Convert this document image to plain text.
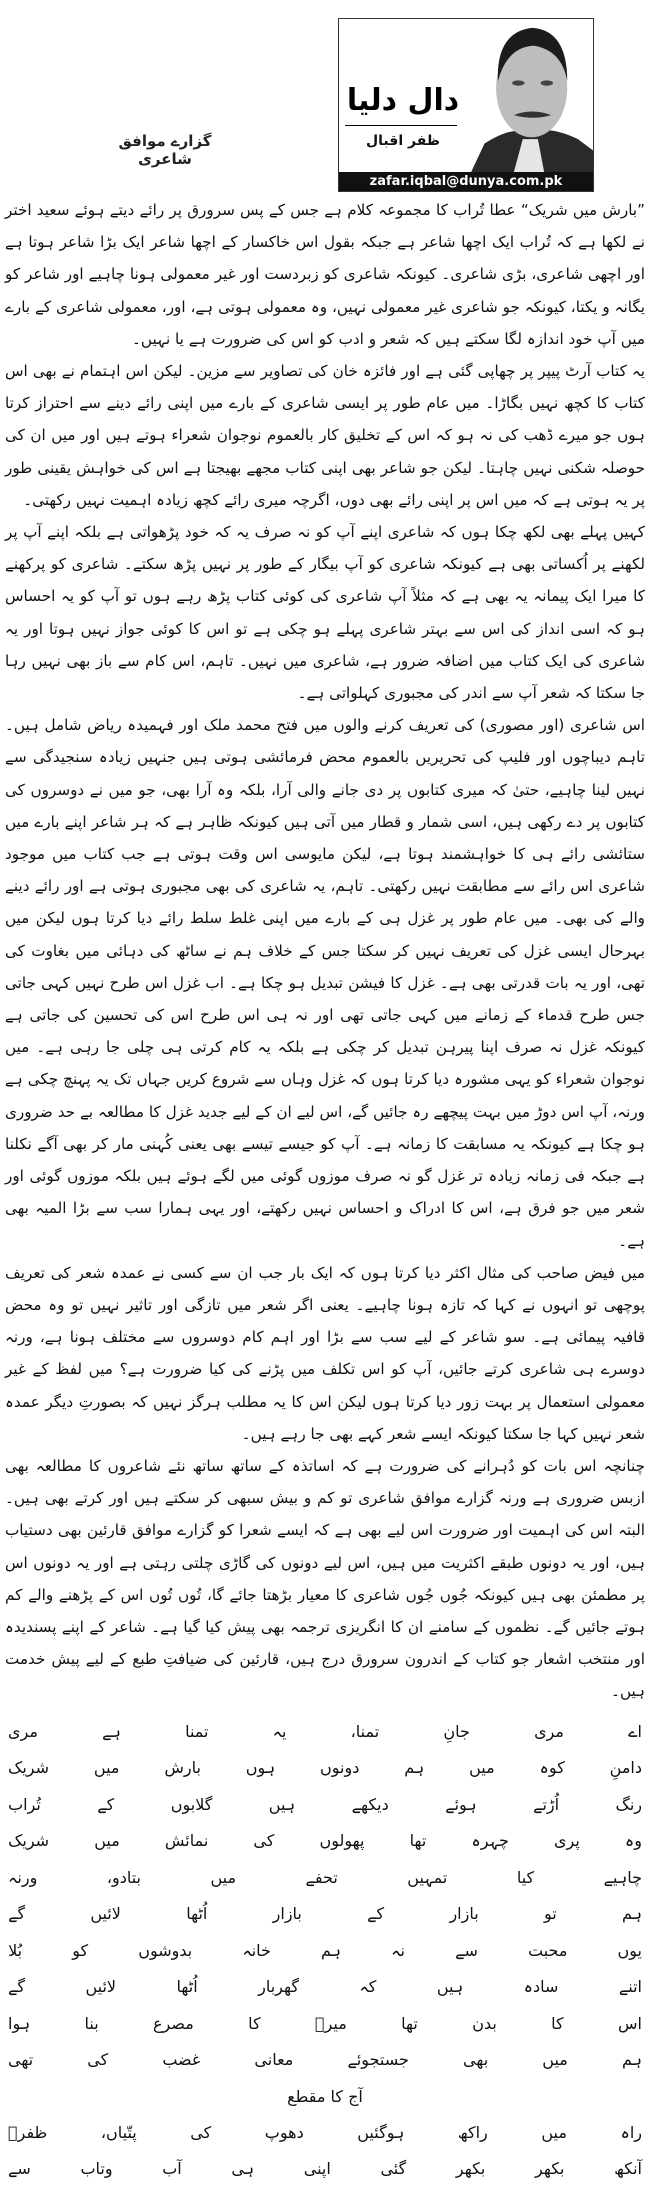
گزارے موافق شاعری
دال دلیا
ظفر اقبال
zafar.iqbal@dunya.com.pk

”بارش میں شریک“ عطا تُراب کا مجموعہ کلام ہے جس کے پس سرورق پر رائے دیتے ہوئے سعید اختر نے لکھا ہے کہ تُراب ایک اچھا شاعر ہے جبکہ بقول اس خاکسار کے اچھا شاعر ایک بڑا شاعر ہوتا ہے اور اچھی شاعری، بڑی شاعری۔ کیونکہ شاعری کو زبردست اور غیر معمولی ہونا چاہیے اور شاعر کو یگانہ و یکتا، کیونکہ جو شاعری غیر معمولی نہیں، وہ معمولی ہوتی ہے، اور، معمولی شاعری کے بارے میں آپ خود اندازہ لگا سکتے ہیں کہ شعر و ادب کو اس کی ضرورت ہے یا نہیں۔

یہ کتاب آرٹ پیپر پر چھاپی گئی ہے اور فائزہ خان کی تصاویر سے مزین۔ لیکن اس اہتمام نے بھی اس کتاب کا کچھ نہیں بگاڑا۔ میں عام طور پر ایسی شاعری کے بارے میں اپنی رائے دینے سے احتراز کرتا ہوں جو میرے ڈھب کی نہ ہو کہ اس کے تخلیق کار بالعموم نوجوان شعراء ہوتے ہیں اور میں ان کی حوصلہ شکنی نہیں چاہتا۔ لیکن جو شاعر بھی اپنی کتاب مجھے بھیجتا ہے اس کی خواہش یقینی طور پر یہ ہوتی ہے کہ میں اس پر اپنی رائے بھی دوں، اگرچہ میری رائے کچھ زیادہ اہمیت نہیں رکھتی۔

کہیں پہلے بھی لکھ چکا ہوں کہ شاعری اپنے آپ کو نہ صرف یہ کہ خود پڑھواتی ہے بلکہ اپنے آپ پر لکھنے پر اُکساتی بھی ہے کیونکہ شاعری کو آپ بیگار کے طور پر نہیں پڑھ سکتے۔ شاعری کو پرکھنے کا میرا ایک پیمانہ یہ بھی ہے کہ مثلاً آپ شاعری کی کوئی کتاب پڑھ رہے ہوں تو آپ کو یہ احساس ہو کہ اسی انداز کی اس سے بہتر شاعری پہلے ہو چکی ہے تو اس کا کوئی جواز نہیں ہوتا اور یہ شاعری کی ایک کتاب میں اضافہ ضرور ہے، شاعری میں نہیں۔ تاہم، اس کام سے باز بھی نہیں رہا جا سکتا کہ شعر آپ سے اندر کی مجبوری کہلواتی ہے۔

اس شاعری (اور مصوری) کی تعریف کرنے والوں میں فتح محمد ملک اور فہمیدہ ریاض شامل ہیں۔ تاہم دیباچوں اور فلیپ کی تحریریں بالعموم محض فرمائشی ہوتی ہیں جنہیں زیادہ سنجیدگی سے نہیں لینا چاہیے، حتیٰ کہ میری کتابوں پر دی جانے والی آرا، بلکہ وہ آرا بھی، جو میں نے دوسروں کی کتابوں پر دے رکھی ہیں، اسی شمار و قطار میں آتی ہیں کیونکہ ظاہر ہے کہ ہر شاعر اپنے بارے میں ستائشی رائے ہی کا خواہشمند ہوتا ہے، لیکن مایوسی اس وقت ہوتی ہے جب کتاب میں موجود شاعری اس رائے سے مطابقت نہیں رکھتی۔ تاہم، یہ شاعری کی بھی مجبوری ہوتی ہے اور رائے دینے والے کی بھی۔ میں عام طور پر غزل ہی کے بارے میں اپنی غلط سلط رائے دیا کرتا ہوں لیکن میں بہرحال ایسی غزل کی تعریف نہیں کر سکتا جس کے خلاف ہم نے ساٹھ کی دہائی میں بغاوت کی تھی، اور یہ بات قدرتی بھی ہے۔ غزل کا فیشن تبدیل ہو چکا ہے۔ اب غزل اس طرح نہیں کہی جاتی جس طرح قدماء کے زمانے میں کہی جاتی تھی اور نہ ہی اس طرح اس کی تحسین کی جاتی ہے کیونکہ غزل نہ صرف اپنا پیرہن تبدیل کر چکی ہے بلکہ یہ کام کرتی ہی چلی جا رہی ہے۔ میں نوجوان شعراء کو یہی مشورہ دیا کرتا ہوں کہ غزل وہاں سے شروع کریں جہاں تک یہ پہنچ چکی ہے ورنہ، آپ اس دوڑ میں بہت پیچھے رہ جائیں گے، اس لیے ان کے لیے جدید غزل کا مطالعہ بے حد ضروری ہو چکا ہے کیونکہ یہ مسابقت کا زمانہ ہے۔ آپ کو جیسے تیسے بھی یعنی کُہنی مار کر بھی آگے نکلنا ہے جبکہ فی زمانہ زیادہ تر غزل گو نہ صرف موزوں گوئی میں لگے ہوئے ہیں بلکہ موزوں گوئی اور شعر میں جو فرق ہے، اس کا ادراک و احساس نہیں رکھتے، اور یہی ہمارا سب سے بڑا المیہ بھی ہے۔

میں فیض صاحب کی مثال اکثر دیا کرتا ہوں کہ ایک بار جب ان سے کسی نے عمدہ شعر کی تعریف پوچھی تو انہوں نے کہا کہ تازہ ہونا چاہیے۔ یعنی اگر شعر میں تازگی اور تاثیر نہیں تو وہ محض قافیہ پیمائی ہے۔ سو شاعر کے لیے سب سے بڑا اور اہم کام دوسروں سے مختلف ہونا ہے، ورنہ دوسرے ہی شاعری کرتے جائیں، آپ کو اس تکلف میں پڑنے کی کیا ضرورت ہے؟ میں لفظ کے غیر معمولی استعمال پر بہت زور دیا کرتا ہوں لیکن اس کا یہ مطلب ہرگز نہیں کہ بصورتِ دیگر عمدہ شعر نہیں کہا جا سکتا کیونکہ ایسے شعر کہے بھی جا رہے ہیں۔

چنانچہ اس بات کو دُہرانے کی ضرورت ہے کہ اساتذہ کے ساتھ ساتھ نئے شاعروں کا مطالعہ بھی ازبس ضروری ہے ورنہ گزارے موافق شاعری تو کم و بیش سبھی کر سکتے ہیں اور کرتے بھی ہیں۔ البتہ اس کی اہمیت اور ضرورت اس لیے بھی ہے کہ ایسے شعرا کو گزارے موافق قارئین بھی دستیاب ہیں، اور یہ دونوں طبقے اکثریت میں ہیں، اس لیے دونوں کی گاڑی چلتی رہتی ہے اور یہ دونوں اس پر مطمئن بھی ہیں کیونکہ جُوں جُوں شاعری کا معیار بڑھتا جائے گا، تُوں تُوں اس کے پڑھنے والے کم ہوتے جائیں گے۔ نظموں کے سامنے ان کا انگریزی ترجمہ بھی پیش کیا گیا ہے۔ شاعر کے اپنے پسندیدہ اور منتخب اشعار جو کتاب کے اندرون سرورق درج ہیں، قارئین کی ضیافتِ طبع کے لیے پیش خدمت ہیں۔

اے
مری
جانِ
تمنا،
یہ
تمنا
ہے
مری
دامنِ
کوہ
میں
ہم
دونوں
ہوں
بارش
میں
شریک
رنگ
اُڑتے
ہوئے
دیکھے
ہیں
گلابوں
کے
تُراب
وہ
پری
چہرہ
تھا
پھولوں
کی
نمائش
میں
شریک
چاہیے
کیا
تمہیں
تحفے
میں
بتادو،
ورنہ
ہم
تو
بازار
کے
بازار
اُٹھا
لائیں
گے
یوں
محبت
سے
نہ
ہم
خانہ
بدوشوں
کو
بُلا
اتنے
سادہ
ہیں
کہ
گھربار
اُٹھا
لائیں
گے
اس
کا
بدن
تھا
میرؔ
کا
مصرع
بنا
ہوا
ہم
میں
بھی
جستجوئے
معانی
غضب
کی
تھی
آج کا مقطع
راہ
میں
راکھ
ہوگئیں
دھوپ
کی
پتّیاں،
ظفرؔ
آنکھ
بکھر
بکھر
گئی
اپنی
ہی
آب
وتاب
سے
